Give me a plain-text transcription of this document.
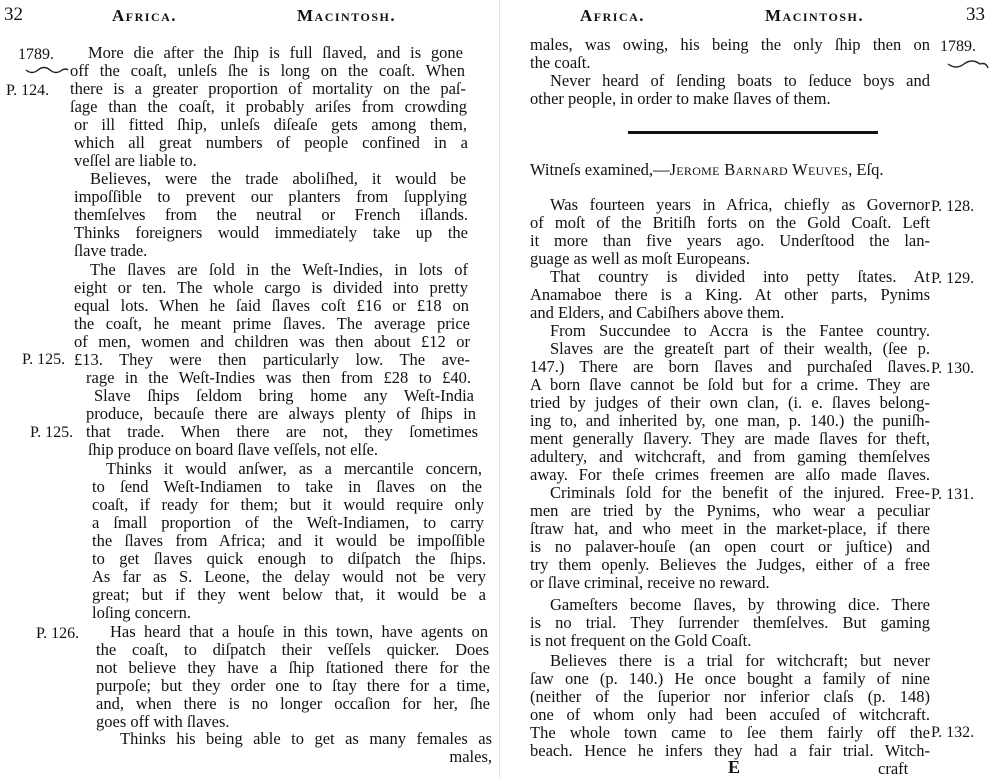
32	Africa.	Macintosh.
1789. More die after the ſhip is full ſlaved, and is gone
off the coaſt, unleſs ſhe is long on the coaſt. When
there is a greater proportion of mortality on the paſ-
ſage than the coaſt, it probably ariſes from crowding
or ill fitted ſhip, unleſs diſeaſe gets among them,
which all great numbers of people confined in a
veſſel are liable to.
Believes, were the trade aboliſhed, it would be
impoſſible to prevent our planters from ſupplying
themſelves from the neutral or French iſlands.
Thinks foreigners would immediately take up the
ſlave trade.
The ſlaves are ſold in the Weſt-Indies, in lots of
eight or ten. The whole cargo is divided into pretty
equal lots. When he ſaid ſlaves coſt £16 or £18 on
the coaſt, he meant prime ſlaves. The average price
of men, women and children was then about £12 or
£13. They were then particularly low. The ave-
rage in the Weſt-Indies was then from £28 to £40.
Slave ſhips ſeldom bring home any Weſt-India
produce, becauſe there are always plenty of ſhips in
that trade. When there are not, they ſometimes
ſhip produce on board ſlave veſſels, not elſe.
Thinks it would anſwer, as a mercantile concern,
to ſend Weſt-Indiamen to take in ſlaves on the
coaſt, if ready for them; but it would require only
a ſmall proportion of the Weſt-Indiamen, to carry
the ſlaves from Africa; and it would be impoſſible
to get ſlaves quick enough to diſpatch the ſhips.
As far as S. Leone, the delay would not be very
great; but if they went below that, it would be a
loſing concern.
Has heard that a houſe in this town, have agents on
the coaſt, to diſpatch their veſſels quicker. Does
not believe they have a ſhip ſtationed there for the
purpoſe; but they order one to ſtay there for a time,
and, when there is no longer occaſion for her, ſhe
goes off with ſlaves.
Thinks his being able to get as many females as
males,
P. 124.
P. 125.
P. 125.
P. 126.
Africa.	Macintosh.	33
1789.
males, was owing, his being the only ſhip then on
the coaſt.
Never heard of ſending boats to ſeduce boys and
other people, in order to make ſlaves of them.
Witneſs examined,—Jerome Barnard Weuves, Eſq.
Was fourteen years in Africa, chiefly as Governor
of moſt of the Britiſh forts on the Gold Coaſt. Left
it more than five years ago. Underſtood the lan-
guage as well as moſt Europeans.
That country is divided into petty ſtates. At
Anamaboe there is a King. At other parts, Pynims
and Elders, and Cabiſhers above them.
From Succundee to Accra is the Fantee country.
Slaves are the greateſt part of their wealth, (ſee p.
147.) There are born ſlaves and purchaſed ſlaves.
A born ſlave cannot be ſold but for a crime. They are
tried by judges of their own clan, (i. e. ſlaves belong-
ing to, and inherited by, one man, p. 140.) the puniſh-
ment generally ſlavery. They are made ſlaves for theft,
adultery, and witchcraft, and from gaming themſelves
away. For theſe crimes freemen are alſo made ſlaves.
Criminals ſold for the benefit of the injured. Free-
men are tried by the Pynims, who wear a peculiar
ſtraw hat, and who meet in the market-place, if there
is no palaver-houſe (an open court or juſtice) and
try them openly. Believes the Judges, either of a free
or ſlave criminal, receive no reward.
Gameſters become ſlaves, by throwing dice. There
is no trial. They ſurrender themſelves. But gaming
is not frequent on the Gold Coaſt.
Believes there is a trial for witchcraft; but never
ſaw one (p. 140.) He once bought a family of nine
(neither of the ſuperior nor inferior claſs (p. 148)
one of whom only had been accuſed of witchcraft.
The whole town came to ſee them fairly off the
beach. Hence he infers they had a fair trial. Witch-
craft
E
P. 128.
P. 129.
P. 130.
P. 131.
P. 132.
